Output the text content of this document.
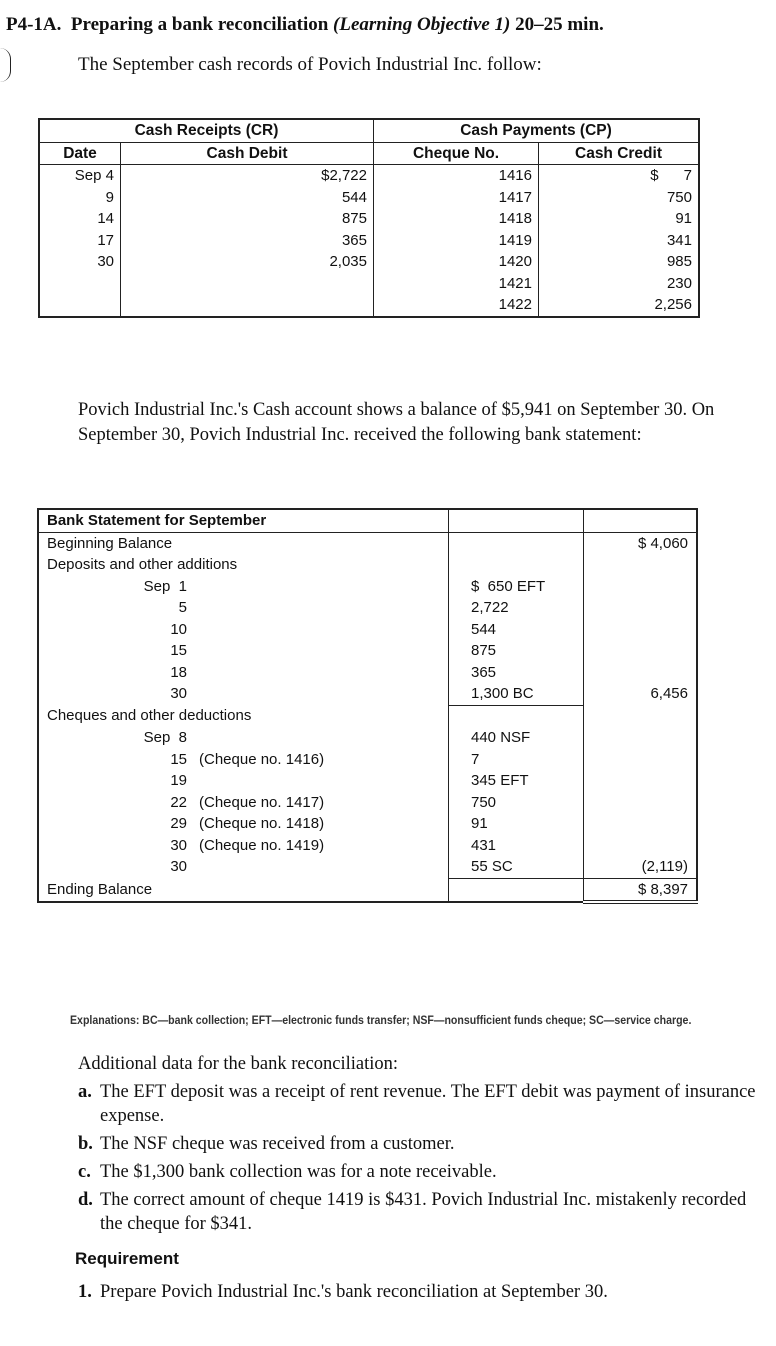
P4-1A. Preparing a bank reconciliation (Learning Objective 1) 20–25 min.
The September cash records of Povich Industrial Inc. follow:
Cash Receipts (CR)		Cash Payments (CP)	
Date	Cash Debit	Cheque No.	Cash Credit
Sep 4	$2,722	1416	$      7
9	544	1417	750
14	875	1418	91
17	365	1419	341
30	2,035	1420	985
		1421	230
		1422	2,256
Povich Industrial Inc.'s Cash account shows a balance of $5,941 on September 30. On September 30, Povich Industrial Inc. received the following bank statement:
Bank Statement for September		
Beginning Balance		$ 4,060
Deposits and other additions		
Sep  1	$  650 EFT	
5	2,722	
10	544	
15	875	
18	365	
30	1,300 BC	6,456
Cheques and other deductions		
Sep  8	440 NSF	
15 (Cheque no. 1416)	7	
19	345 EFT	
22 (Cheque no. 1417)	750	
29 (Cheque no. 1418)	91	
30 (Cheque no. 1419)	431	
30	55 SC	(2,119)
Ending Balance		$ 8,397
Explanations: BC—bank collection; EFT—electronic funds transfer; NSF—nonsufficient funds cheque; SC—service charge.
Additional data for the bank reconciliation:
a. The EFT deposit was a receipt of rent revenue. The EFT debit was payment of insurance expense.
b. The NSF cheque was received from a customer.
c. The $1,300 bank collection was for a note receivable.
d. The correct amount of cheque 1419 is $431. Povich Industrial Inc. mistakenly recorded the cheque for $341.
Requirement
1. Prepare Povich Industrial Inc.'s bank reconciliation at September 30.
